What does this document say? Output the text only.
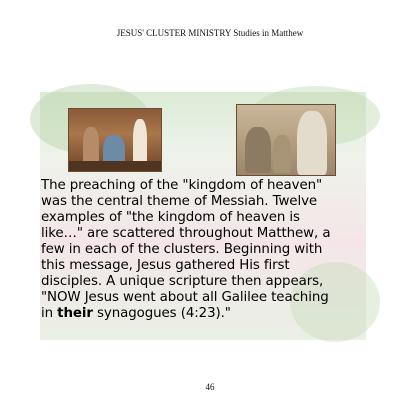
JESUS' CLUSTER MINISTRY Studies in Matthew
The preaching of the "kingdom of heaven"
was the central theme of Messiah. Twelve
examples of "the kingdom of heaven is
like…" are scattered throughout Matthew, a
few in each of the clusters. Beginning with
this message, Jesus gathered His first
disciples. A unique scripture then appears,
"NOW Jesus went about all Galilee teaching
in their synagogues (4:23)."
46
